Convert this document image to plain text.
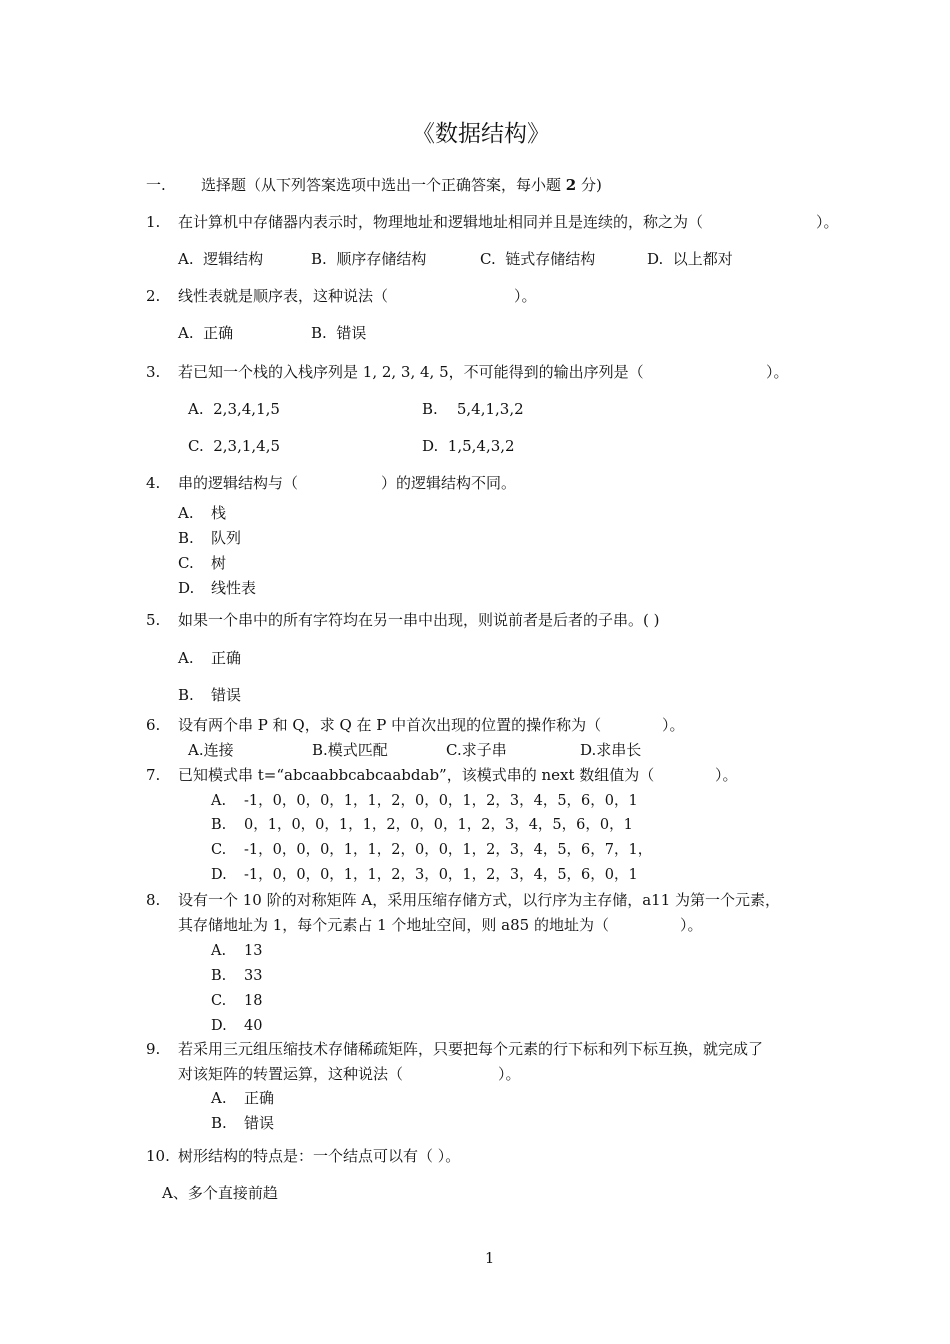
《数据结构》
一. 选择题（从下列答案选项中选出一个正确答案，每小题 2 分)
1. 在计算机中存储器内表示时，物理地址和逻辑地址相同并且是连续的，称之为（	）。
A.  逻辑结构	B.  顺序存储结构	C.  链式存储结构	D.  以上都对
2. 线性表就是顺序表，这种说法（	）。
A.  正确	B.  错误
3. 若已知一个栈的入栈序列是 1, 2, 3, 4, 5，不可能得到的输出序列是（	）。
A.  2,3,4,1,5	B.    5,4,1,3,2
C.  2,3,1,4,5	D.  1,5,4,3,2
4. 串的逻辑结构与（	）的逻辑结构不同。
A. 栈
B. 队列
C. 树
D. 线性表
5. 如果一个串中的所有字符均在另一串中出现，则说前者是后者的子串。( )
A. 正确
B. 错误
6. 设有两个串 P 和 Q，求 Q 在 P 中首次出现的位置的操作称为（	）。
A.连接	B.模式匹配	C.求子串	D.求串长
7. 已知模式串 t=“abcaabbcabcaabdab”，该模式串的 next 数组值为（	）。
A. -1，0，0，0，1，1，2，0，0，1，2，3，4，5，6，0，1
B. 0，1，0，0，1，1，2，0，0，1，2，3，4，5，6，0，1
C. -1，0，0，0，1，1，2，0，0，1，2，3，4，5，6，7，1，
D. -1，0，0，0，1，1，2，3，0，1，2，3，4，5，6，0，1
8. 设有一个 10 阶的对称矩阵 A，采用压缩存储方式，以行序为主存储，a11 为第一个元素，
其存储地址为 1，每个元素占 1 个地址空间，则 a85 的地址为（	）。
A. 13
B. 33
C. 18
D. 40
9. 若采用三元组压缩技术存储稀疏矩阵，只要把每个元素的行下标和列下标互换，就完成了
对该矩阵的转置运算，这种说法（	）。
A. 正确
B. 错误
10. 树形结构的特点是：一个结点可以有（ ）。
A、多个直接前趋
1
